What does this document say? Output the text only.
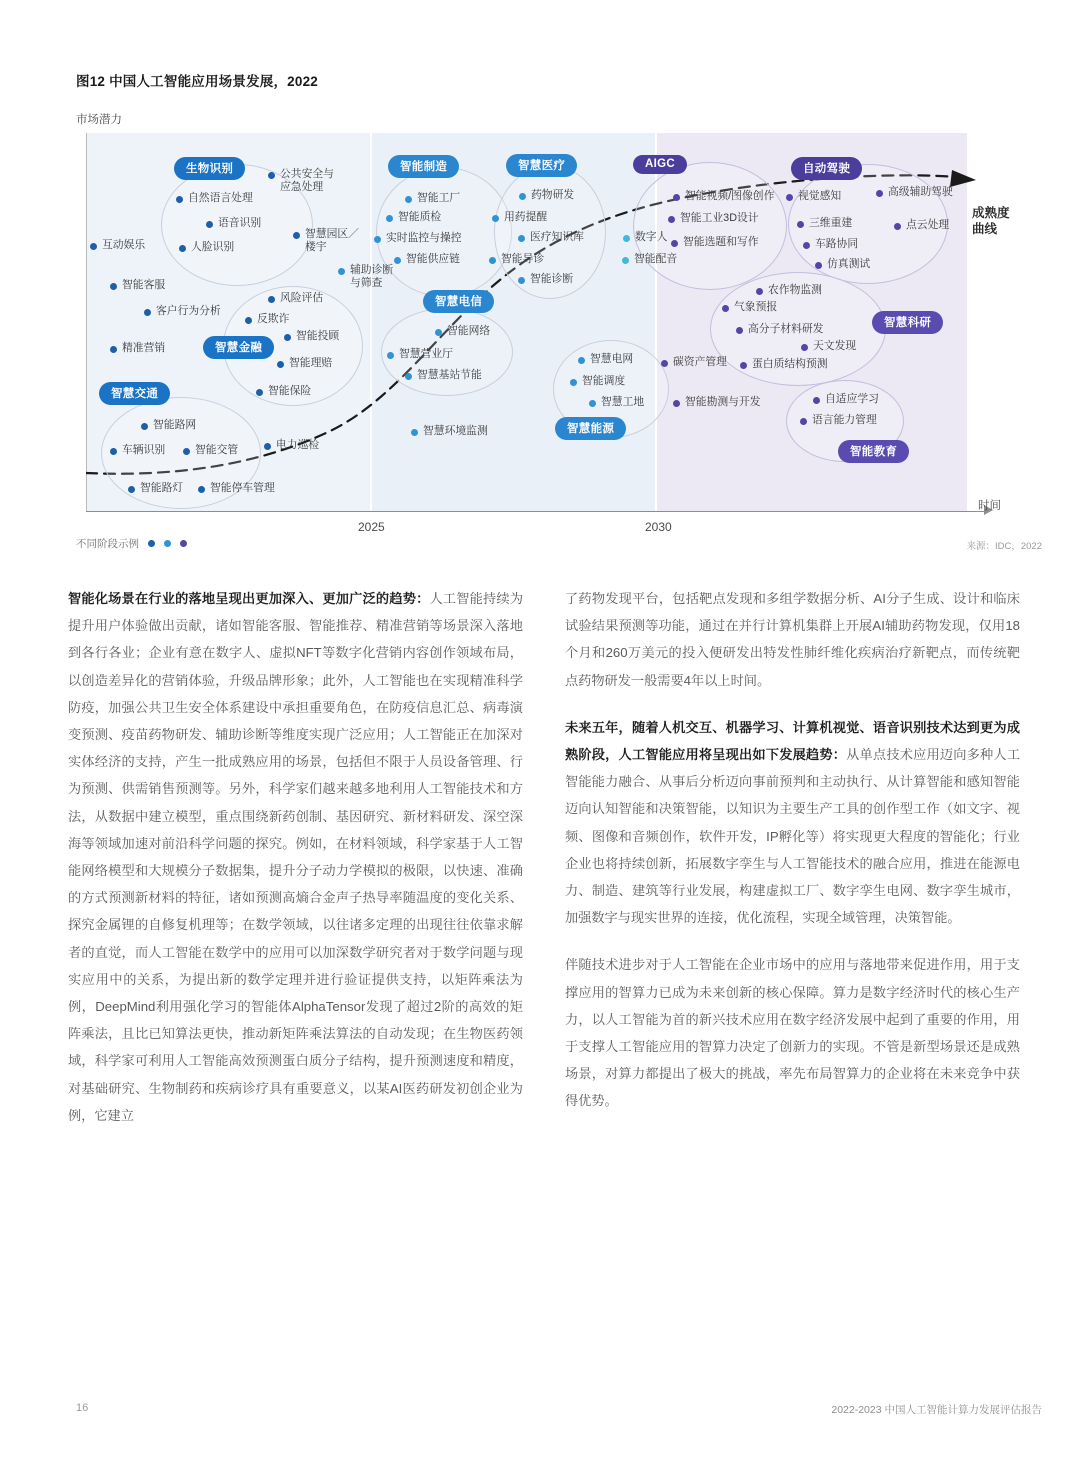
图12 中国人工智能应用场景发展，2022
市场潜力
成熟度
曲线
生物识别
智慧金融
智慧交通
智能制造	智慧医疗
智慧电信
智慧能源
AIGC	自动驾驶
智慧科研
智能教育
自然语言处理
语音识别
人脸识别
公共安全与
应急处理
智慧园区／
楼宇
互动娱乐
智能客服
客户行为分析
精准营销
辅助诊断
与筛查
风险评估
反欺诈
智能投顾
智能理赔
智能保险
智能路网
车辆识别	智能交管
智能路灯 智能停车管理
电力巡检
智能工厂
智能质检
实时监控与操控
智能供应链
药物研发
用药提醒
医疗知识库
智能导诊
智能诊断
智能网络
智慧营业厅
智慧基站节能
智慧环境监测
智慧电网
智能调度
智慧工地
智能视频/图像创作
智能工业3D设计
智能选题和写作
数字人
智能配音
视觉感知	高级辅助驾驶
三维重建	点云处理
车路协同
仿真测试
农作物监测
气象预报
高分子材料研发
天文发现
蛋白质结构预测
碳资产管理
智能勘测与开发	自适应学习
语言能力管理
2025	2030
时间
不同阶段示例	来源：IDC，2022

智能化场景在行业的落地呈现出更加深入、更加广泛的趋势：人工智能持续为提升用户体验做出贡献，诸如智能客服、智能推荐、精准营销等场景深入落地到各行各业；企业有意在数字人、虚拟NFT等数字化营销内容创作领域布局，以创造差异化的营销体验，升级品牌形象；此外，人工智能也在实现精准科学防疫，加强公共卫生安全体系建设中承担重要角色，在防疫信息汇总、病毒演变预测、疫苗药物研发、辅助诊断等维度实现广泛应用；人工智能正在加深对实体经济的支持，产生一批成熟应用的场景，包括但不限于人员设备管理、行为预测、供需销售预测等。另外，科学家们越来越多地利用人工智能技术和方法，从数据中建立模型，重点围绕新药创制、基因研究、新材料研发、深空深海等领域加速对前沿科学问题的探究。例如，在材料领域，科学家基于人工智能网络模型和大规模分子数据集，提升分子动力学模拟的极限，以快速、准确的方式预测新材料的特征，诸如预测高熵合金声子热导率随温度的变化关系、探究金属锂的自修复机理等；在数学领域，以往诸多定理的出现往往依靠求解者的直觉，而人工智能在数学中的应用可以加深数学研究者对于数学问题与现实应用中的关系，为提出新的数学定理并进行验证提供支持，以矩阵乘法为例，DeepMind利用强化学习的智能体AlphaTensor发现了超过2阶的高效的矩阵乘法，且比已知算法更快，推动新矩阵乘法算法的自动发现；在生物医药领域，科学家可利用人工智能高效预测蛋白质分子结构，提升预测速度和精度，对基础研究、生物制药和疾病诊疗具有重要意义，以某AI医药研发初创企业为例，它建立

了药物发现平台，包括靶点发现和多组学数据分析、AI分子生成、设计和临床试验结果预测等功能，通过在并行计算机集群上开展AI辅助药物发现，仅用18个月和260万美元的投入便研发出特发性肺纤维化疾病治疗新靶点，而传统靶点药物研发一般需要4年以上时间。

未来五年，随着人机交互、机器学习、计算机视觉、语音识别技术达到更为成熟阶段，人工智能应用将呈现出如下发展趋势：从单点技术应用迈向多种人工智能能力融合、从事后分析迈向事前预判和主动执行、从计算智能和感知智能迈向认知智能和决策智能，以知识为主要生产工具的创作型工作（如文字、视频、图像和音频创作，软件开发，IP孵化等）将实现更大程度的智能化；行业企业也将持续创新，拓展数字孪生与人工智能技术的融合应用，推进在能源电力、制造、建筑等行业发展，构建虚拟工厂、数字孪生电网、数字孪生城市，加强数字与现实世界的连接，优化流程，实现全域管理，决策智能。

伴随技术进步对于人工智能在企业市场中的应用与落地带来促进作用，用于支撑应用的智算力已成为未来创新的核心保障。算力是数字经济时代的核心生产力，以人工智能为首的新兴技术应用在数字经济发展中起到了重要的作用，用于支撑人工智能应用的智算力决定了创新力的实现。不管是新型场景还是成熟场景，对算力都提出了极大的挑战，率先布局智算力的企业将在未来竞争中获得优势。

16	2022-2023 中国人工智能计算力发展评估报告
